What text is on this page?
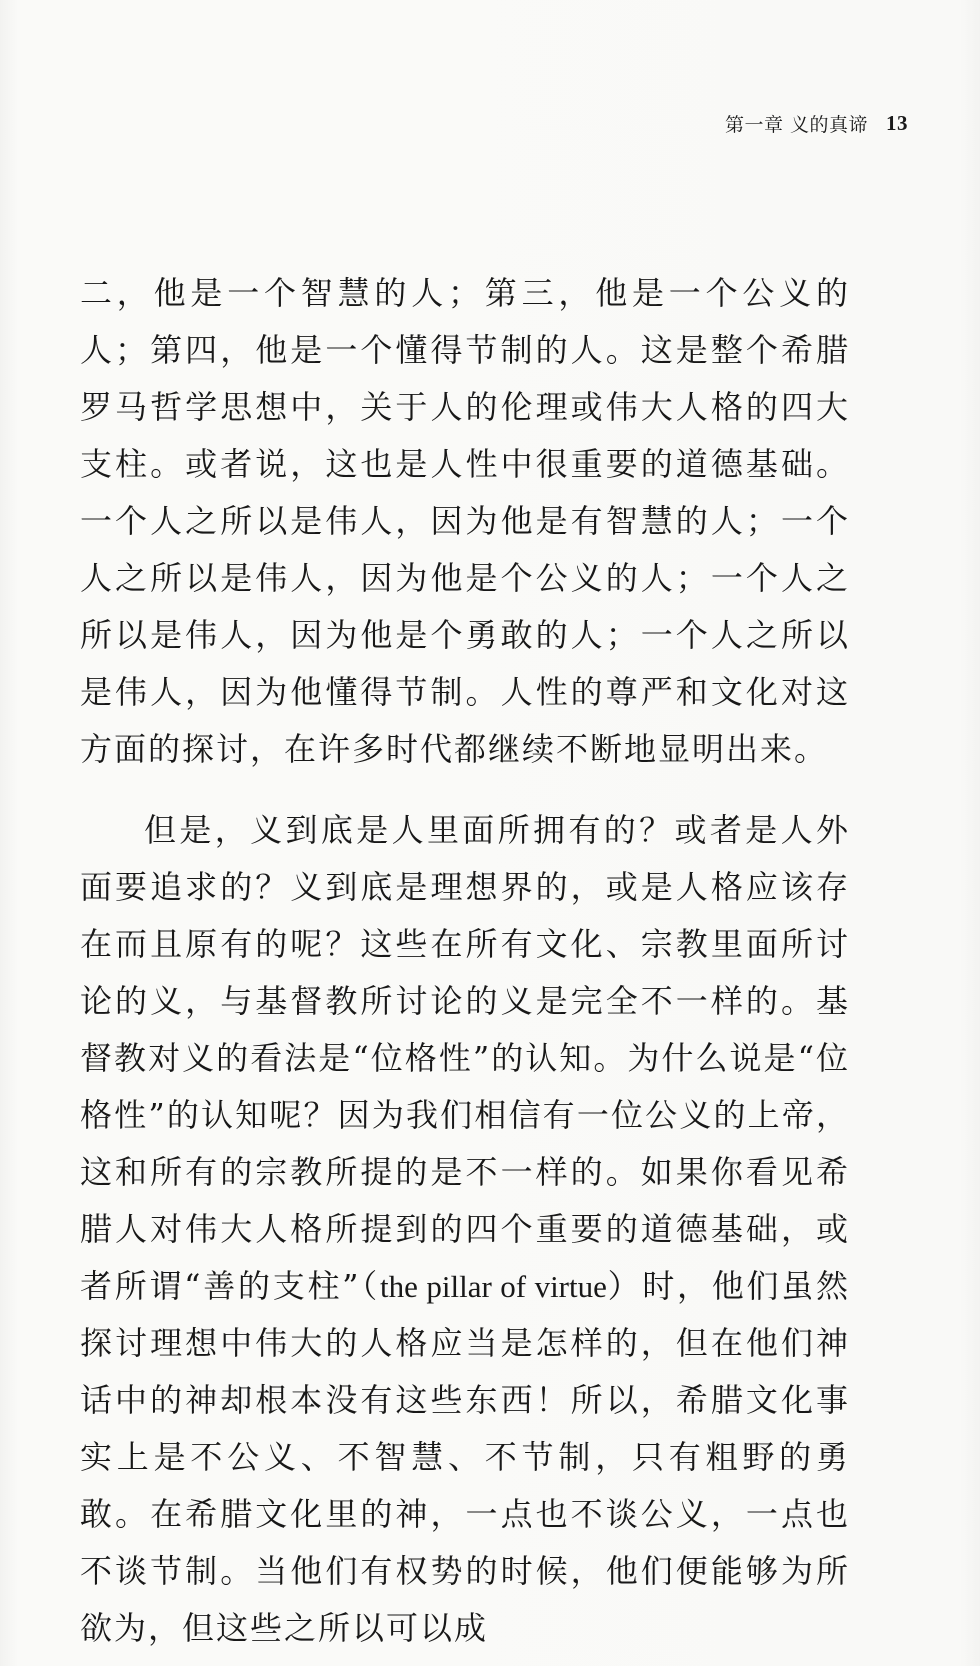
第一章 义的真谛 13

二，他是一个智慧的人；第三，他是一个公义的人；第四，他是一个懂得节制的人。这是整个希腊罗马哲学思想中，关于人的伦理或伟大人格的四大支柱。或者说，这也是人性中很重要的道德基础。一个人之所以是伟人，因为他是有智慧的人；一个人之所以是伟人，因为他是个公义的人；一个人之所以是伟人，因为他是个勇敢的人；一个人之所以是伟人，因为他懂得节制。人性的尊严和文化对这方面的探讨，在许多时代都继续不断地显明出来。

但是，义到底是人里面所拥有的？或者是人外面要追求的？义到底是理想界的，或是人格应该存在而且原有的呢？这些在所有文化、宗教里面所讨论的义，与基督教所讨论的义是完全不一样的。基督教对义的看法是“位格性”的认知。为什么说是“位格性”的认知呢？因为我们相信有一位公义的上帝，这和所有的宗教所提的是不一样的。如果你看见希腊人对伟大人格所提到的四个重要的道德基础，或者所谓“善的支柱”（the pillar of virtue）时，他们虽然探讨理想中伟大的人格应当是怎样的，但在他们神话中的神却根本没有这些东西！所以，希腊文化事实上是不公义、不智慧、不节制，只有粗野的勇敢。在希腊文化里的神，一点也不谈公义，一点也不谈节制。当他们有权势的时候，他们便能够为所欲为，但这些之所以可以成
